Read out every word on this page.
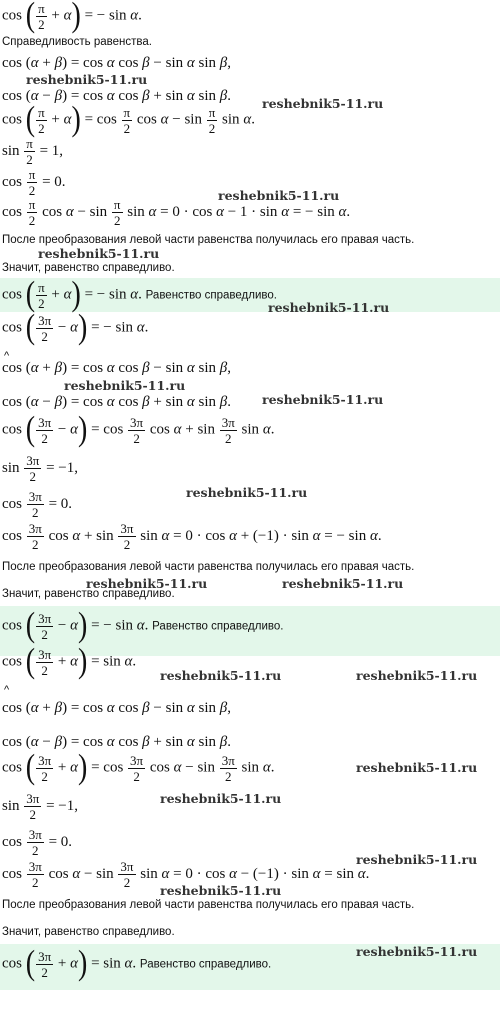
cos ( $\frac{\pi}{2} + \alpha$) = − sin α.
Справедливость равенства.
cos (α + β) = cos α cos β − sin α sin β,
cos (α − β) = cos α cos β + sin α sin β.
cos ( $\frac{\pi}{2} + \alpha) = \cos \frac{\pi}{2}$ $\cos \alpha - \sin \frac{\pi}{2}$ sin α.
$\sin \frac{\pi}{2} = 1$,
$\cos \frac{\pi}{2} = 0$.
$\cos \frac{\pi}{2}$ $\cos \alpha - \sin \frac{\pi}{2}$ sin α = 0 · cos α − 1 · sin α = − sin α.
После преобразования левой части равенства получилась его правая часть.
Значит, равенство справедливо.
cos ( $\frac{\pi}{2} + \alpha$) = − sin α. Равенство справедливо.
cos ( $\frac{3\pi}{2} - \alpha$) = − sin α.
^
cos (α + β) = cos α cos β − sin α sin β,
cos (α − β) = cos α cos β + sin α sin β.
cos ( $\frac{3\pi}{2} - \alpha) = \cos \frac{3\pi}{2}$ $\cos \alpha + \sin \frac{3\pi}{2}$ sin α.
$\sin \frac{3\pi}{2} = -1$,
$\cos \frac{3\pi}{2} = 0$.
$\cos \frac{3\pi}{2}$ $\cos \alpha + \sin \frac{3\pi}{2}$ sin α = 0 · cos α + (−1) · sin α = − sin α.
После преобразования левой части равенства получилась его правая часть.
Значит, равенство справедливо.
cos ( $\frac{3\pi}{2} - \alpha$) = − sin α. Равенство справедливо.
cos ( $\frac{3\pi}{2} + \alpha) = \sin \alpha$.
^
cos (α + β) = cos α cos β − sin α sin β,
cos (α − β) = cos α cos β + sin α sin β.
cos ( $\frac{3\pi}{2} + \alpha) = \cos \frac{3\pi}{2}$ $\cos \alpha - \sin \frac{3\pi}{2}$ sin α.
$\sin \frac{3\pi}{2} = -1$,
$\cos \frac{3\pi}{2} = 0$.
$\cos \frac{3\pi}{2}$ $\cos \alpha - \sin \frac{3\pi}{2}$ sin α = 0 · cos α − (−1) · sin α = sin α.
После преобразования левой части равенства получилась его правая часть.
Значит, равенство справедливо.
cos ( $\frac{3\pi}{2} + \alpha) = \sin \alpha$. Равенство справедливо.
reshebnik5-11.ru
reshebnik5-11.ru
reshebnik5-11.ru
reshebnik5-11.ru
reshebnik5-11.ru
reshebnik5-11.ru
reshebnik5-11.ru
reshebnik5-11.ru
reshebnik5-11.ru	reshebnik5-11.ru
reshebnik5-11.ru	reshebnik5-11.ru
reshebnik5-11.ru
reshebnik5-11.ru
reshebnik5-11.ru
reshebnik5-11.ru
reshebnik5-11.ru
